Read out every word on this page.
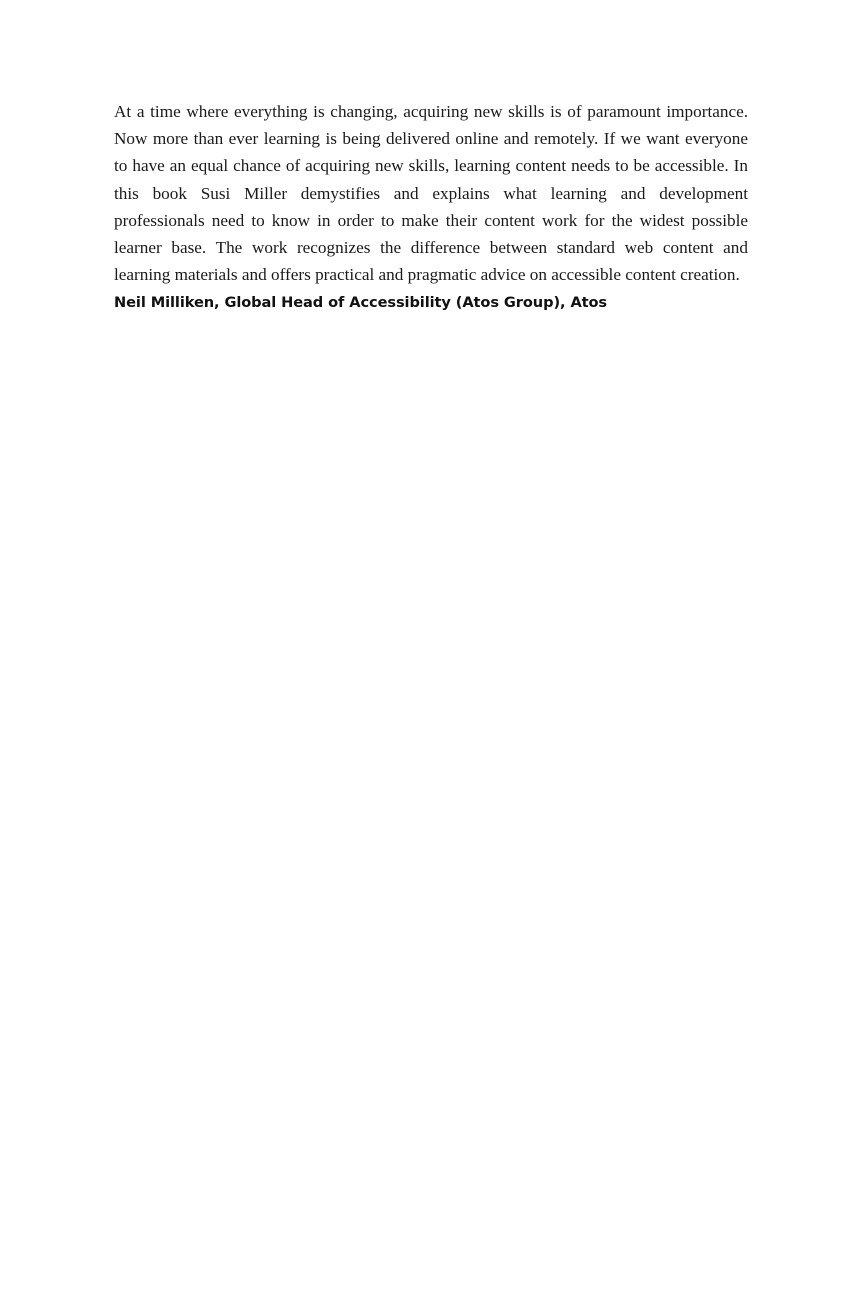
At a time where everything is changing, acquiring new skills is of paramount importance. Now more than ever learning is being delivered online and remotely. If we want everyone to have an equal chance of acquiring new skills, learning content needs to be accessible. In this book Susi Miller demystifies and explains what learning and development professionals need to know in order to make their content work for the widest possible learner base. The work recognizes the difference between standard web content and learning materials and offers practical and pragmatic advice on accessible content creation.

Neil Milliken, Global Head of Accessibility (Atos Group), Atos
